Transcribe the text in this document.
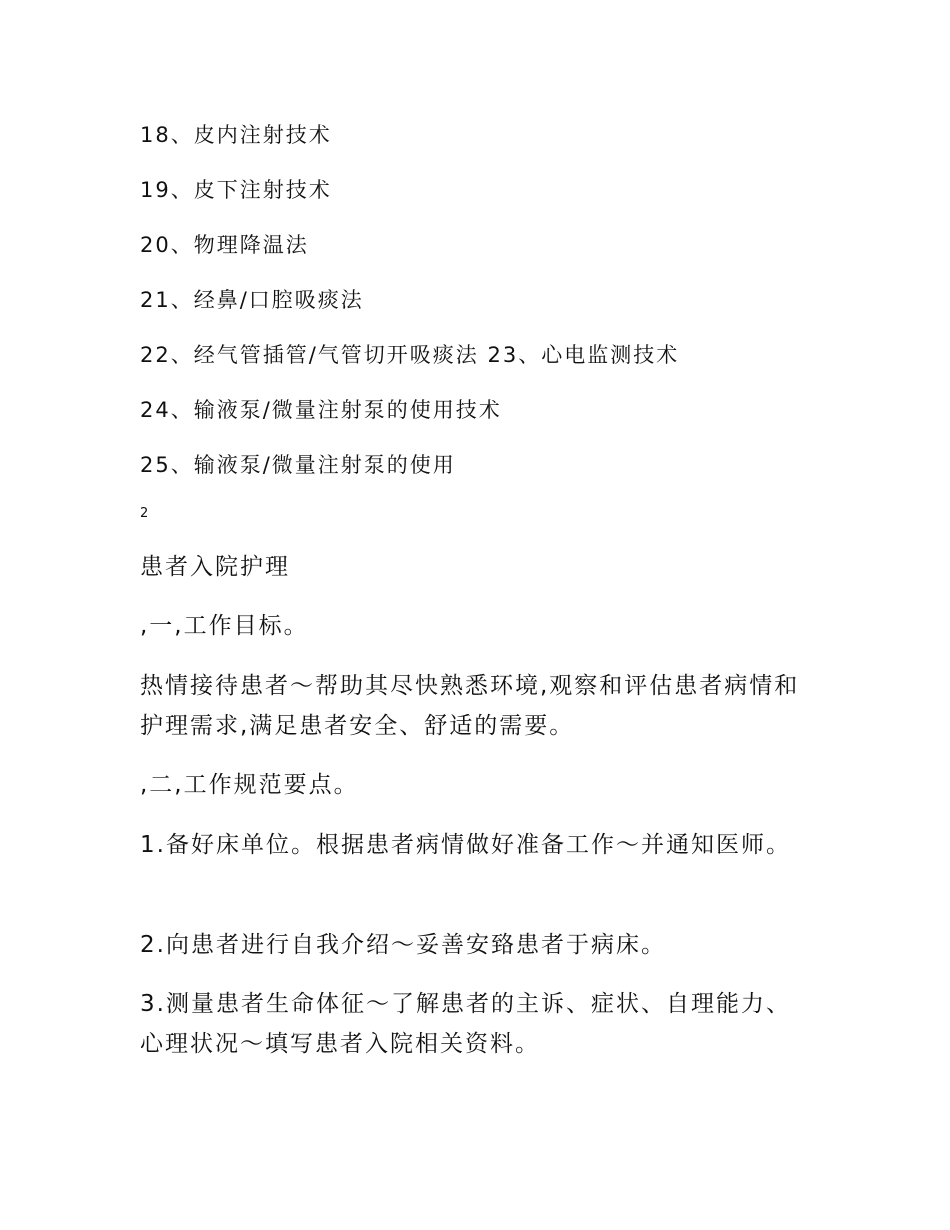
18、皮内注射技术
19、皮下注射技术
20、物理降温法
21、经鼻/口腔吸痰法
22、经气管插管/气管切开吸痰法 23、心电监测技术
24、输液泵/微量注射泵的使用技术
25、输液泵/微量注射泵的使用
2
患者入院护理
,一,工作目标。
热情接待患者～帮助其尽快熟悉环境,观察和评估患者病情和护理需求,满足患者安全、舒适的需要。
,二,工作规范要点。
1.备好床单位。根据患者病情做好准备工作～并通知医师。
2.向患者进行自我介绍～妥善安臵患者于病床。
3.测量患者生命体征～了解患者的主诉、症状、自理能力、心理状况～填写患者入院相关资料。
